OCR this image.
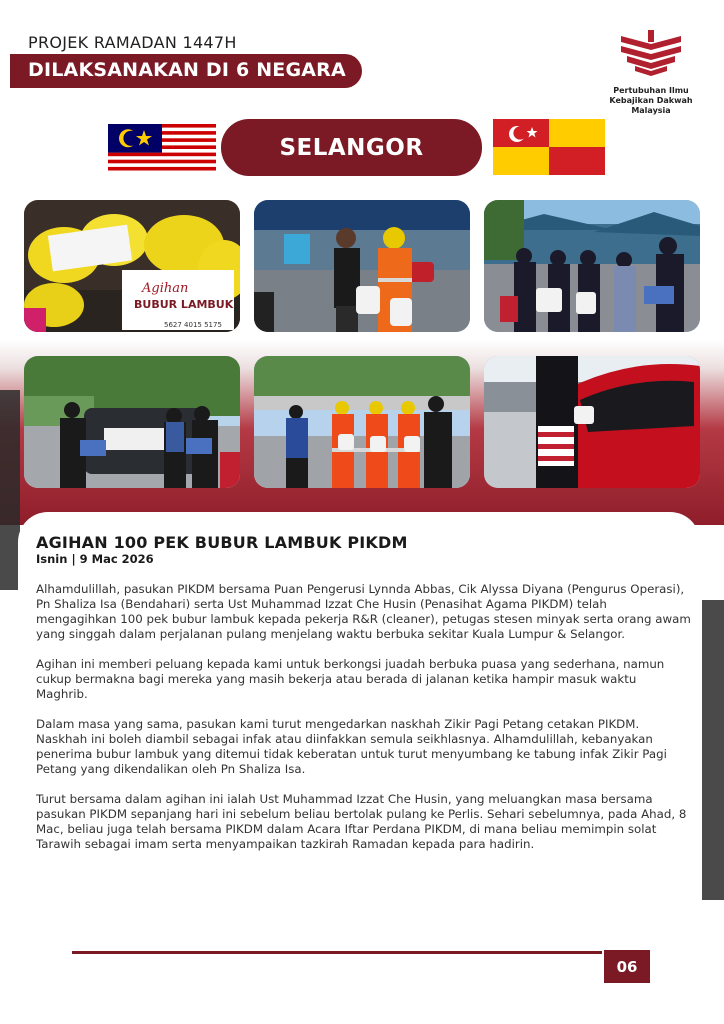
PROJEK RAMADAN 1447H
DILAKSANAKAN DI 6 NEGARA
Pertubuhan Ilmu
Kebajikan Dakwah
Malaysia
SELANGOR
Agihan
BUBUR LAMBUK
5627 4015 5175
AGIHAN 100 PEK BUBUR LAMBUK PIKDM
Isnin | 9 Mac 2026

Alhamdulillah, pasukan PIKDM bersama Puan Pengerusi Lynnda Abbas, Cik Alyssa Diyana (Pengurus Operasi), Pn Shaliza Isa (Bendahari) serta Ust Muhammad Izzat Che Husin (Penasihat Agama PIKDM) telah mengagihkan 100 pek bubur lambuk kepada pekerja R&R (cleaner), petugas stesen minyak serta orang awam yang singgah dalam perjalanan pulang menjelang waktu berbuka sekitar Kuala Lumpur & Selangor.

Agihan ini memberi peluang kepada kami untuk berkongsi juadah berbuka puasa yang sederhana, namun cukup bermakna bagi mereka yang masih bekerja atau berada di jalanan ketika hampir masuk waktu Maghrib.

Dalam masa yang sama, pasukan kami turut mengedarkan naskhah Zikir Pagi Petang cetakan PIKDM. Naskhah ini boleh diambil sebagai infak atau diinfakkan semula seikhlasnya. Alhamdulillah, kebanyakan penerima bubur lambuk yang ditemui tidak keberatan untuk turut menyumbang ke tabung infak Zikir Pagi Petang yang dikendalikan oleh Pn Shaliza Isa.

Turut bersama dalam agihan ini ialah Ust Muhammad Izzat Che Husin, yang meluangkan masa bersama pasukan PIKDM sepanjang hari ini sebelum beliau bertolak pulang ke Perlis. Sehari sebelumnya, pada Ahad, 8 Mac, beliau juga telah bersama PIKDM dalam Acara Iftar Perdana PIKDM, di mana beliau memimpin solat Tarawih sebagai imam serta menyampaikan tazkirah Ramadan kepada para hadirin.

06
